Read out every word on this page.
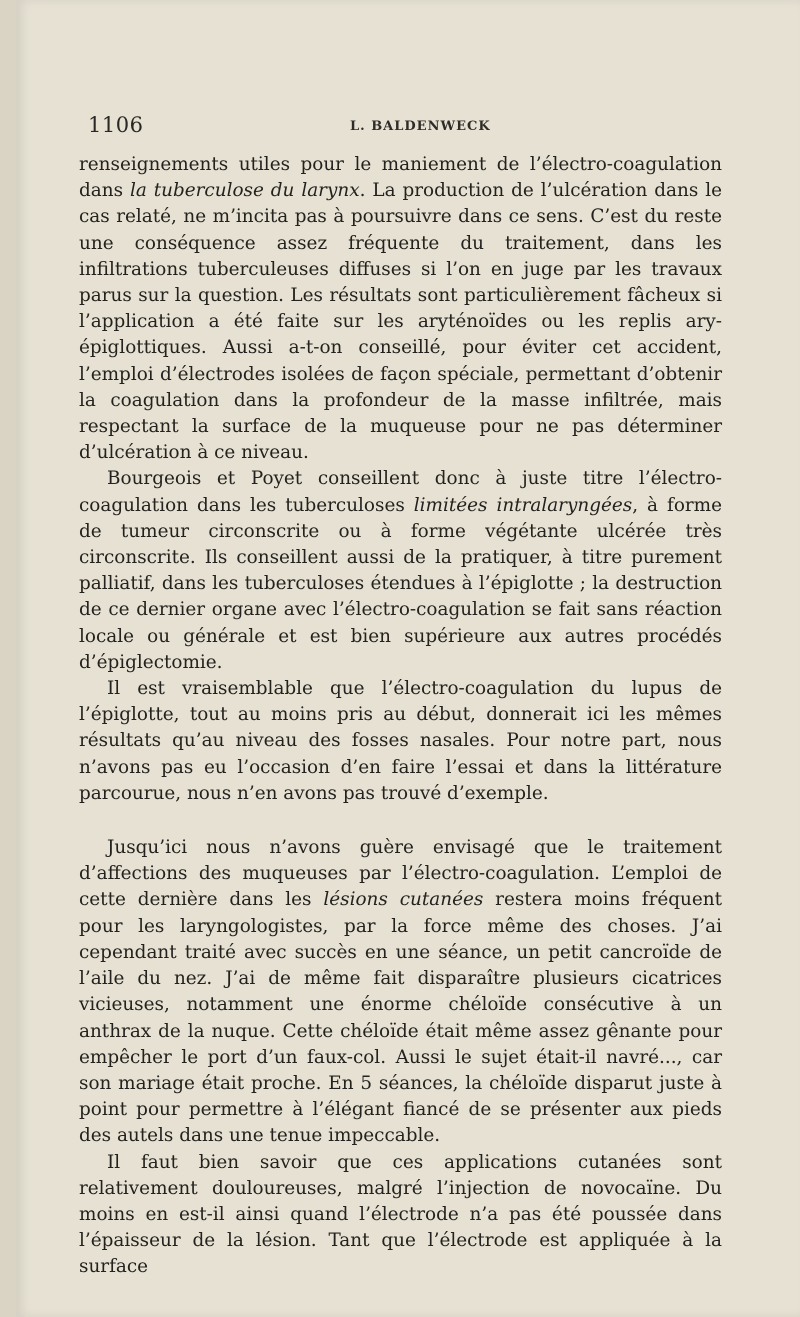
1106	L. BALDENWECK

renseignements utiles pour le maniement de l’électro-coagulation dans la tuberculose du larynx. La production de l’ulcération dans le cas relaté, ne m’incita pas à poursuivre dans ce sens. C’est du reste une conséquence assez fréquente du traitement, dans les infiltrations tuberculeuses diffuses si l’on en juge par les travaux parus sur la question. Les résultats sont particulièrement fâcheux si l’application a été faite sur les aryténoïdes ou les replis ary-épiglottiques. Aussi a-t-on conseillé, pour éviter cet accident, l’emploi d’électrodes isolées de façon spéciale, permettant d’obtenir la coagulation dans la profondeur de la masse infiltrée, mais respectant la surface de la muqueuse pour ne pas déterminer d’ulcération à ce niveau.

Bourgeois et Poyet conseillent donc à juste titre l’électro-coagulation dans les tuberculoses limitées intralaryngées, à forme de tumeur circonscrite ou à forme végétante ulcérée très circonscrite. Ils conseillent aussi de la pratiquer, à titre purement palliatif, dans les tuberculoses étendues à l’épiglotte ; la destruction de ce dernier organe avec l’électro-coagulation se fait sans réaction locale ou générale et est bien supérieure aux autres procédés d’épiglectomie.

Il est vraisemblable que l’électro-coagulation du lupus de l’épiglotte, tout au moins pris au début, donnerait ici les mêmes résultats qu’au niveau des fosses nasales. Pour notre part, nous n’avons pas eu l’occasion d’en faire l’essai et dans la littérature parcourue, nous n’en avons pas trouvé d’exemple.

Jusqu’ici nous n’avons guère envisagé que le traitement d’affections des muqueuses par l’électro-coagulation. L’emploi de cette dernière dans les lésions cutanées restera moins fréquent pour les laryngologistes, par la force même des choses. J’ai cependant traité avec succès en une séance, un petit cancroïde de l’aile du nez. J’ai de même fait disparaître plusieurs cicatrices vicieuses, notamment une énorme chéloïde consécutive à un anthrax de la nuque. Cette chéloïde était même assez gênante pour empêcher le port d’un faux-col. Aussi le sujet était-il navré..., car son mariage était proche. En 5 séances, la chéloïde disparut juste à point pour permettre à l’élégant fiancé de se présenter aux pieds des autels dans une tenue impeccable.

Il faut bien savoir que ces applications cutanées sont relativement douloureuses, malgré l’injection de novocaïne. Du moins en est-il ainsi quand l’électrode n’a pas été poussée dans l’épaisseur de la lésion. Tant que l’électrode est appliquée à la surface
